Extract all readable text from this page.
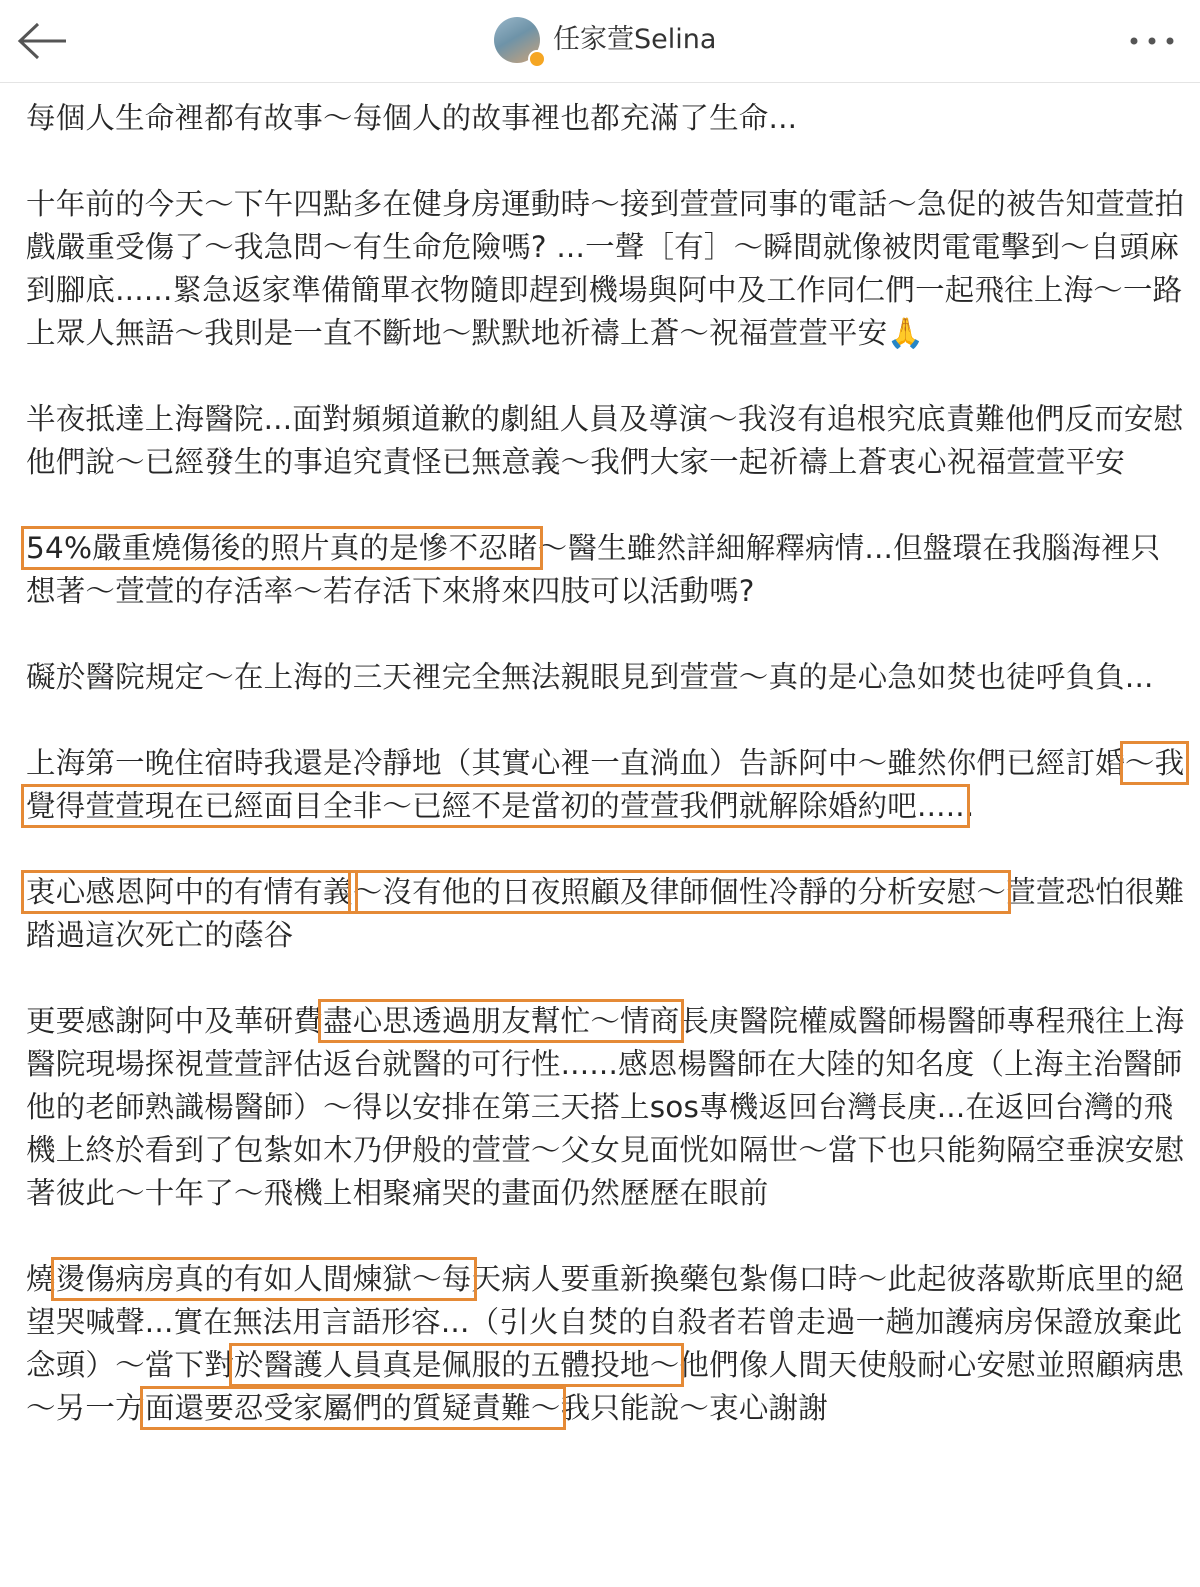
任家萱Selina

每個人生命裡都有故事～每個人的故事裡也都充滿了生命...

十年前的今天～下午四點多在健身房運動時～接到萱萱同事的電話～急促的被告知萱萱拍戲嚴重受傷了～我急問～有生命危險嗎? ...一聲［有］～瞬間就像被閃電電擊到～自頭麻到腳底......緊急返家準備簡單衣物隨即趕到機場與阿中及工作同仁們一起飛往上海～一路上眾人無語～我則是一直不斷地～默默地祈禱上蒼～祝福萱萱平安🙏

半夜抵達上海醫院...面對頻頻道歉的劇組人員及導演～我沒有追根究底責難他們反而安慰他們說～已經發生的事追究責怪已無意義～我們大家一起祈禱上蒼衷心祝福萱萱平安

54%嚴重燒傷後的照片真的是慘不忍睹～醫生雖然詳細解釋病情...但盤環在我腦海裡只想著～萱萱的存活率～若存活下來將來四肢可以活動嗎?

礙於醫院規定～在上海的三天裡完全無法親眼見到萱萱～真的是心急如焚也徒呼負負...

上海第一晚住宿時我還是冷靜地（其實心裡一直淌血）告訴阿中～雖然你們已經訂婚～我覺得萱萱現在已經面目全非～已經不是當初的萱萱我們就解除婚約吧......

衷心感恩阿中的有情有義～沒有他的日夜照顧及律師個性冷靜的分析安慰～萱萱恐怕很難踏過這次死亡的蔭谷

更要感謝阿中及華研費盡心思透過朋友幫忙～情商長庚醫院權威醫師楊醫師專程飛往上海醫院現場探視萱萱評估返台就醫的可行性......感恩楊醫師在大陸的知名度（上海主治醫師他的老師熟識楊醫師）～得以安排在第三天搭上sos專機返回台灣長庚...在返回台灣的飛機上終於看到了包紮如木乃伊般的萱萱～父女見面恍如隔世～當下也只能夠隔空垂淚安慰著彼此～十年了～飛機上相聚痛哭的畫面仍然歷歷在眼前

燒燙傷病房真的有如人間煉獄～每天病人要重新換藥包紮傷口時～此起彼落歇斯底里的絕望哭喊聲...實在無法用言語形容...（引火自焚的自殺者若曾走過一趟加護病房保證放棄此念頭）～當下對於醫護人員真是佩服的五體投地～他們像人間天使般耐心安慰並照顧病患～另一方面還要忍受家屬們的質疑責難～我只能說～衷心謝謝
